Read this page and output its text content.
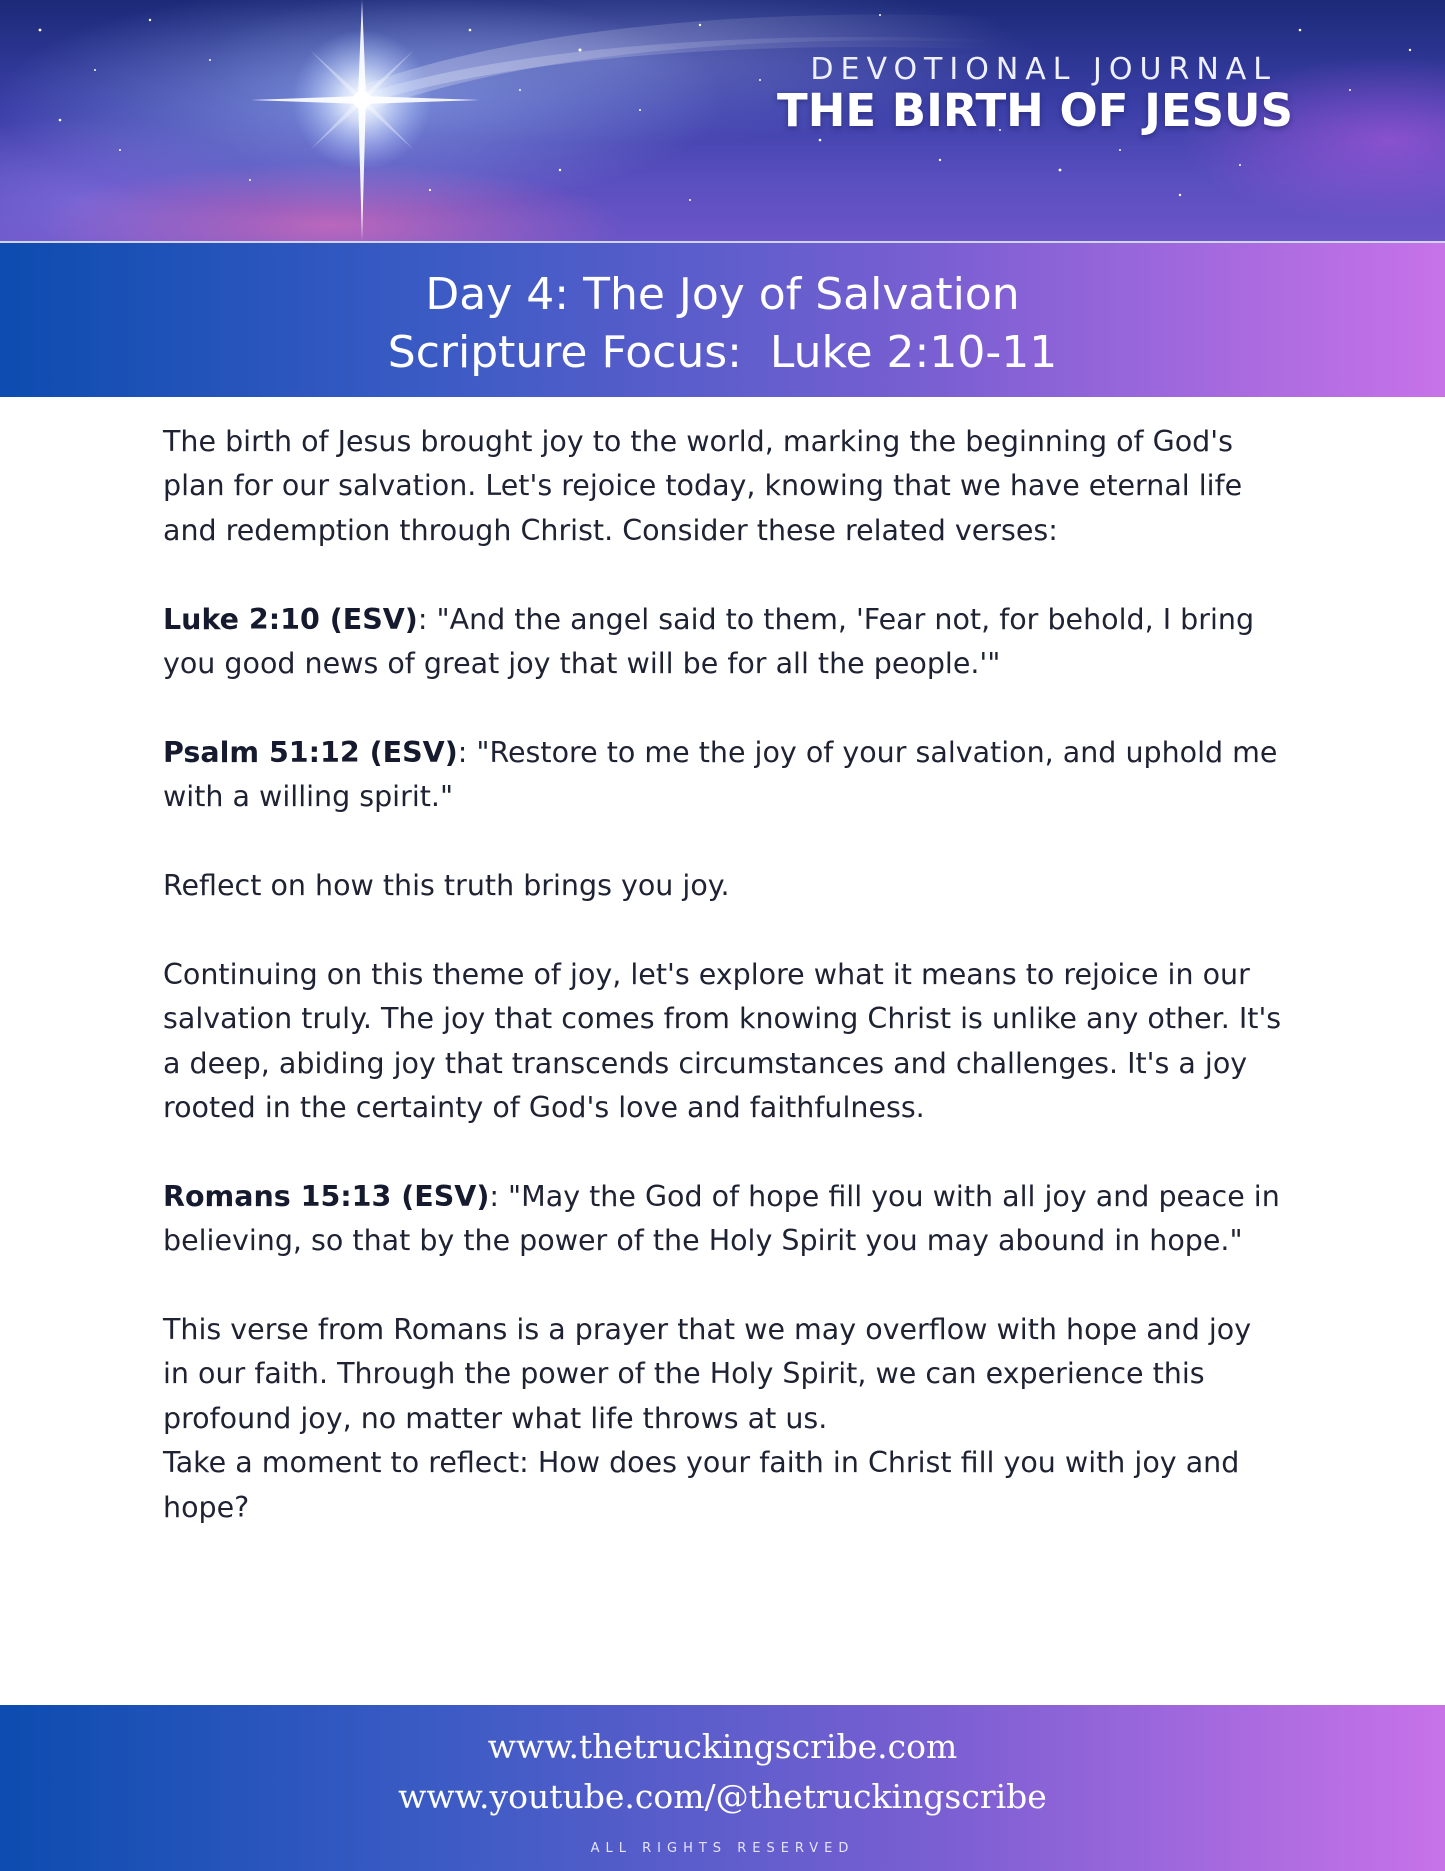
DEVOTIONAL JOURNAL
THE BIRTH OF JESUS
Day 4: The Joy of Salvation
Scripture Focus:  Luke 2:10-11

The birth of Jesus brought joy to the world, marking the beginning of God's plan for our salvation. Let's rejoice today, knowing that we have eternal life and redemption through Christ. Consider these related verses:

Luke 2:10 (ESV): "And the angel said to them, 'Fear not, for behold, I bring you good news of great joy that will be for all the people.'"

Psalm 51:12 (ESV): "Restore to me the joy of your salvation, and uphold me with a willing spirit."

Reflect on how this truth brings you joy.

Continuing on this theme of joy, let's explore what it means to rejoice in our salvation truly. The joy that comes from knowing Christ is unlike any other. It's a deep, abiding joy that transcends circumstances and challenges. It's a joy rooted in the certainty of God's love and faithfulness.

Romans 15:13 (ESV): "May the God of hope fill you with all joy and peace in believing, so that by the power of the Holy Spirit you may abound in hope."

This verse from Romans is a prayer that we may overflow with hope and joy in our faith. Through the power of the Holy Spirit, we can experience this profound joy, no matter what life throws at us.

Take a moment to reflect: How does your faith in Christ fill you with joy and hope?

www.thetruckingscribe.com
www.youtube.com/@thetruckingscribe

ALL RIGHTS RESERVED
